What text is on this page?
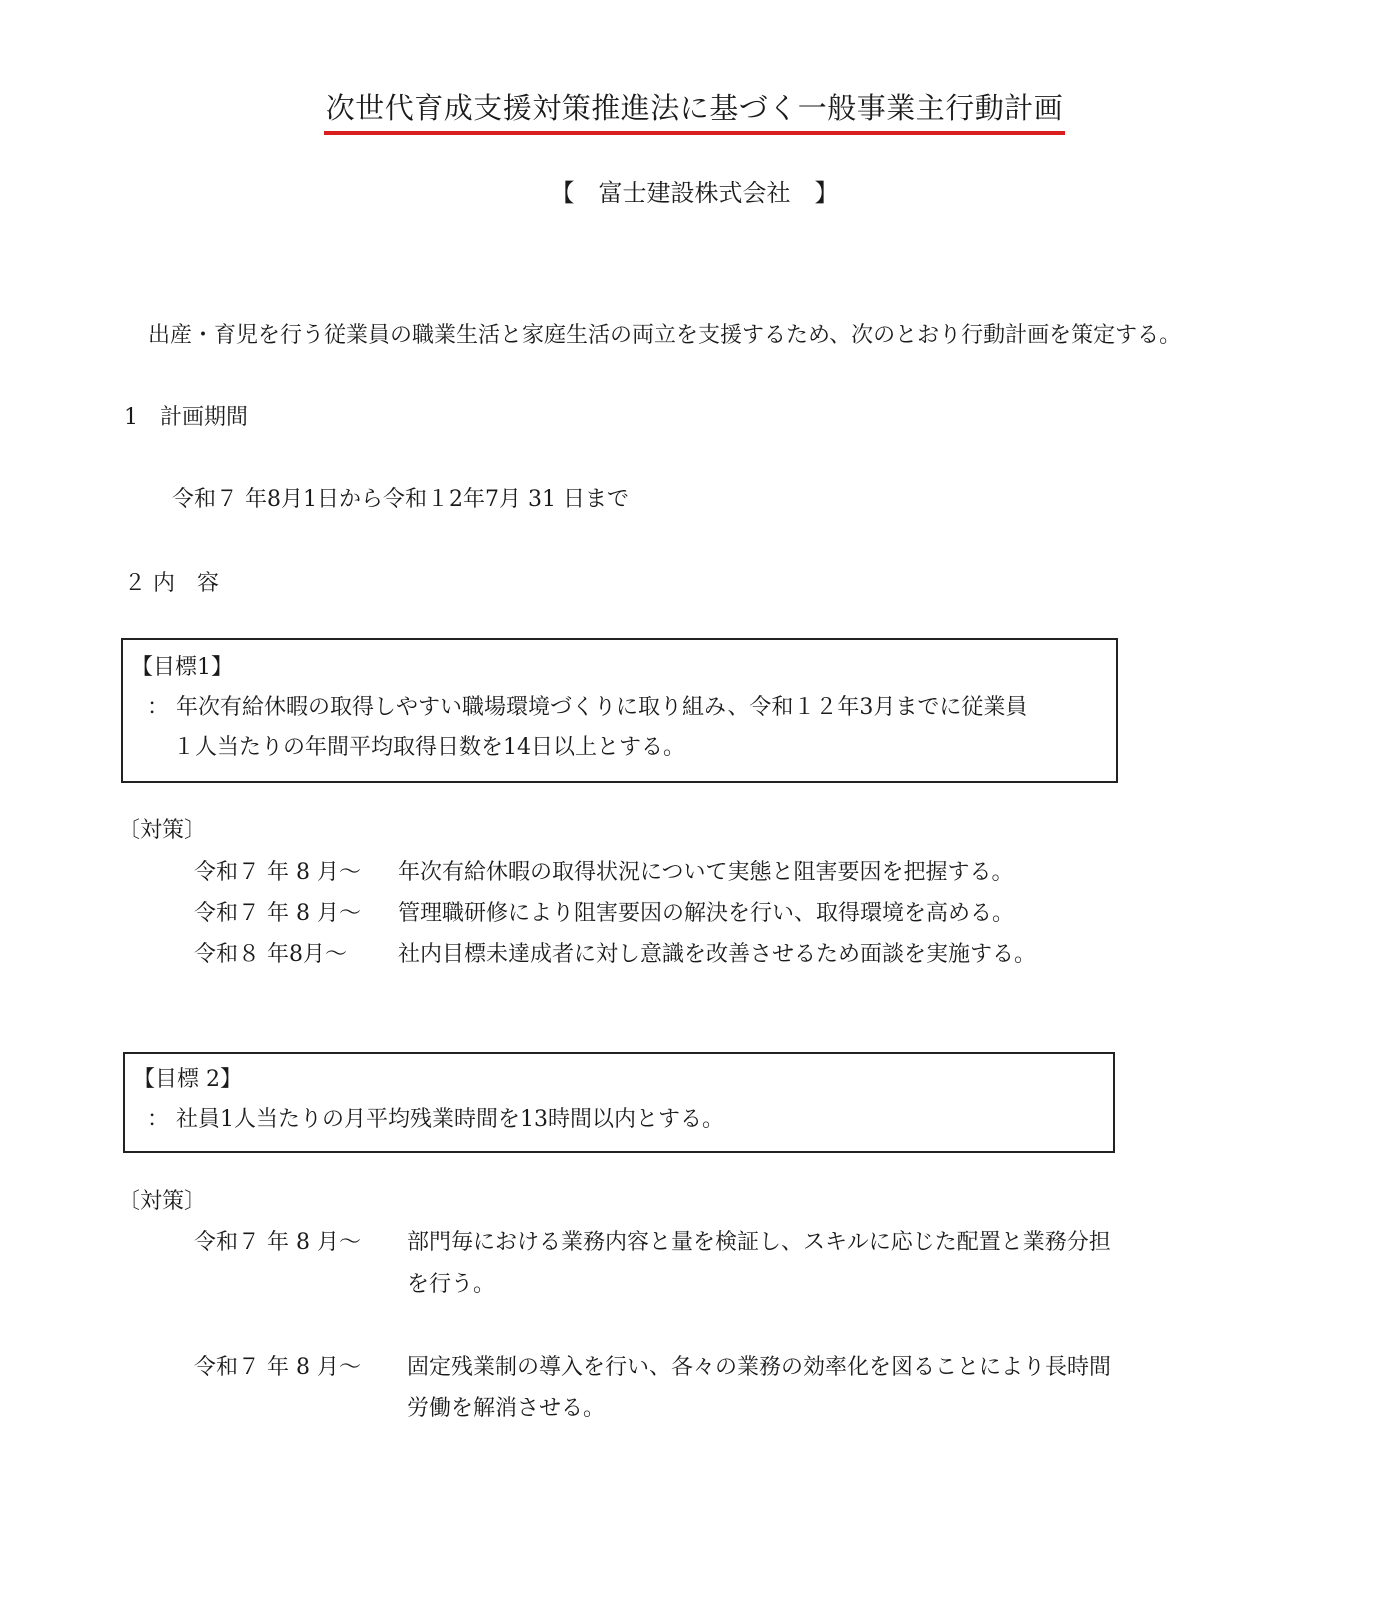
次世代育成支援対策推進法に基づく一般事業主行動計画
【　富士建設株式会社　】
出産・育児を行う従業員の職業生活と家庭生活の両立を支援するため、次のとおり行動計画を策定する。
1　計画期間
令和７ 年8月1日から令和１2年7月 31 日まで
２ 内　容
【目標1】
： 年次有給休暇の取得しやすい職場環境づくりに取り組み、令和１２年3月までに従業員
１人当たりの年間平均取得日数を14日以上とする。
〔対策〕
令和７ 年 8 月～ 年次有給休暇の取得状況について実態と阻害要因を把握する。
令和７ 年 8 月～ 管理職研修により阻害要因の解決を行い、取得環境を高める。
令和８ 年8月～ 社内目標未達成者に対し意識を改善させるため面談を実施する。
【目標 2】
： 社員1人当たりの月平均残業時間を13時間以内とする。
〔対策〕
令和７ 年 8 月～ 部門毎における業務内容と量を検証し、スキルに応じた配置と業務分担
を行う。
令和７ 年 8 月～ 固定残業制の導入を行い、各々の業務の効率化を図ることにより長時間
労働を解消させる。
